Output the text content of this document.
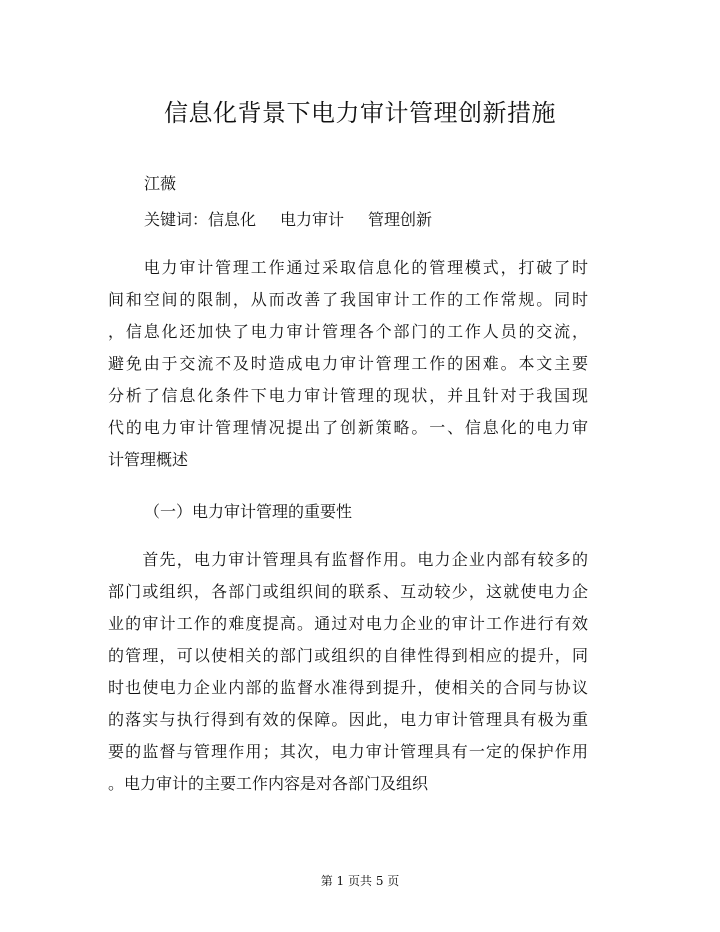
信息化背景下电力审计管理创新措施
江薇
关键词：信息化 电力审计 管理创新
　　电力审计管理工作通过采取信息化的管理模式，打破了时
间和空间的限制，从而改善了我国审计工作的工作常规。同时
，信息化还加快了电力审计管理各个部门的工作人员的交流，
避免由于交流不及时造成电力审计管理工作的困难。本文主要
分析了信息化条件下电力审计管理的现状，并且针对于我国现
代的电力审计管理情况提出了创新策略。一、信息化的电力审
计管理概述
（一）电力审计管理的重要性
　　首先，电力审计管理具有监督作用。电力企业内部有较多的
部门或组织，各部门或组织间的联系、互动较少，这就使电力企
业的审计工作的难度提高。通过对电力企业的审计工作进行有效
的管理，可以使相关的部门或组织的自律性得到相应的提升，同
时也使电力企业内部的监督水准得到提升，使相关的合同与协议
的落实与执行得到有效的保障。因此，电力审计管理具有极为重
要的监督与管理作用；其次，电力审计管理具有一定的保护作用
。电力审计的主要工作内容是对各部门及组织
第 1 页共 5 页
